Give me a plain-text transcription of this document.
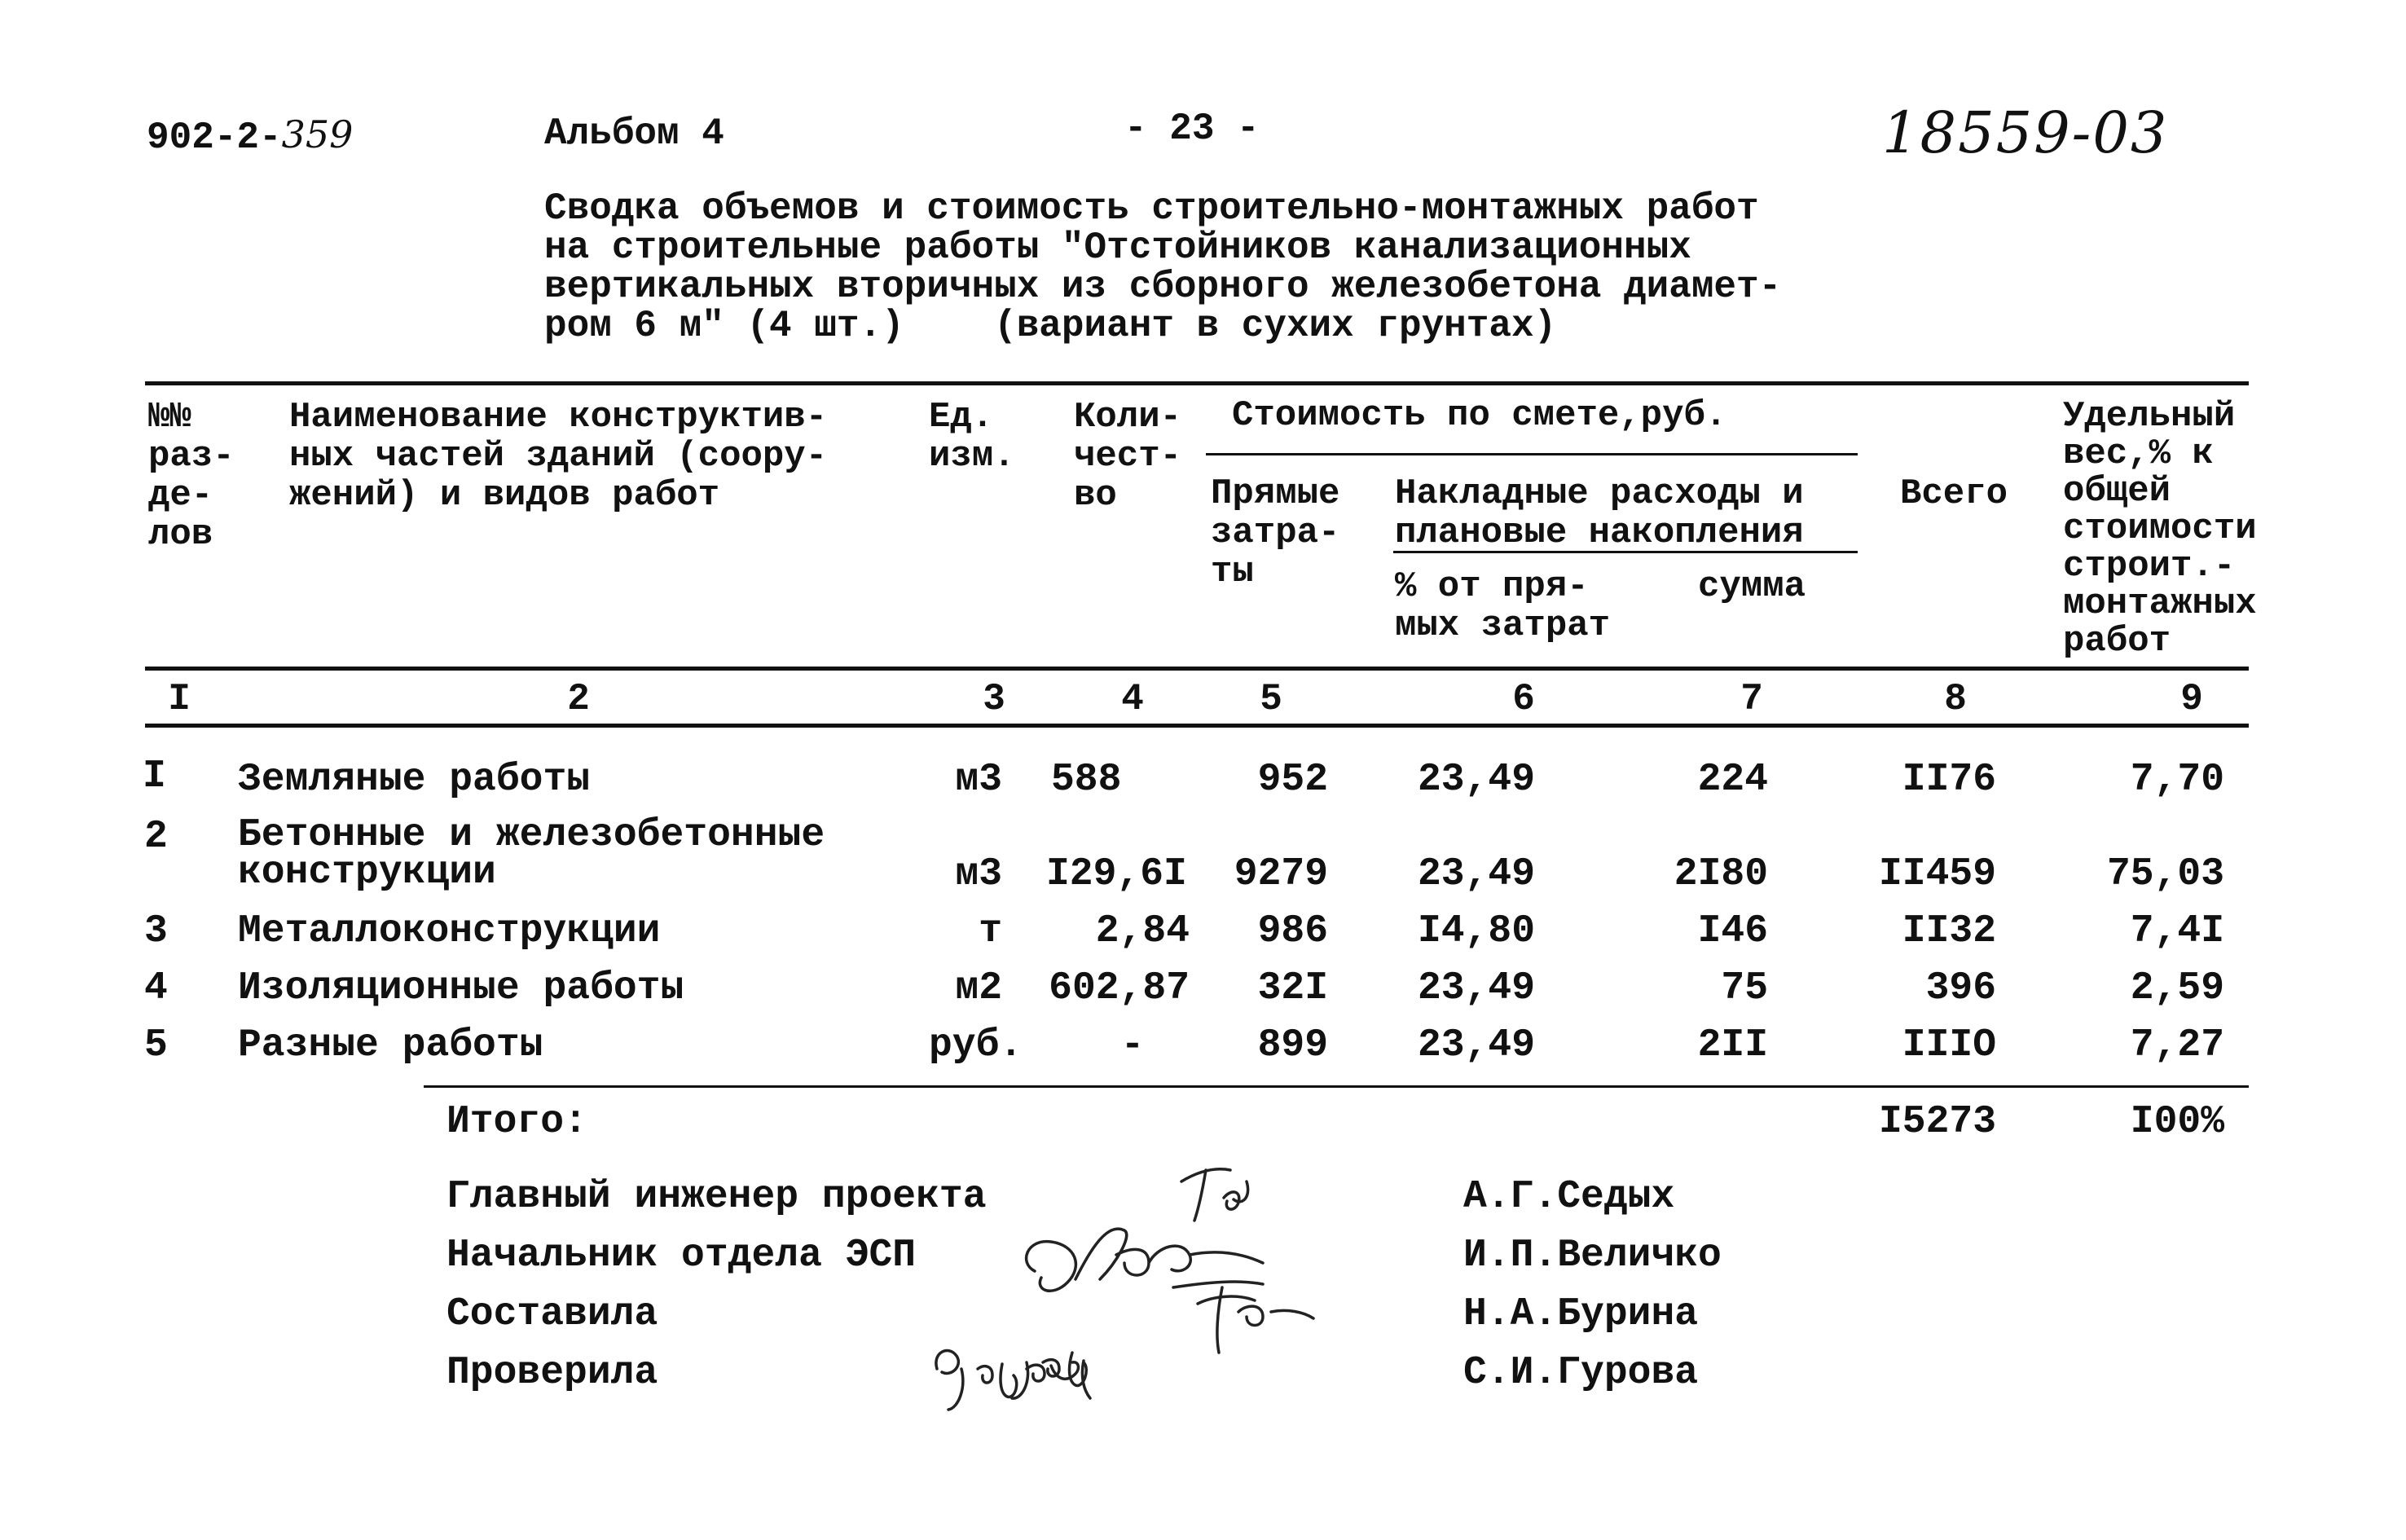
902-2-359	Альбом 4	- 23 -	18559-03
Сводка объемов и стоимость строительно-монтажных работ
на строительные работы "Отстойников канализационных
вертикальных вторичных из сборного железобетона диамет-
ром 6 м" (4 шт.)    (вариант в сухих грунтах)
№№
раз-
де-
лов
Наименование конструктив-
ных частей зданий (соору-
жений) и видов работ
Ед.
изм.
Коли-
чест-
во
Стоимость по смете,руб.
Прямые
затра-
ты
Накладные расходы и
плановые накопления
% от пря-
мых затрат
сумма
Всего
Удельный
вес,% к
общей
стоимости
строит.-
монтажных
работ
I	2	3	4	5	6	7	8	9
I Земляные работы	м3 588	952 23,49	224	II76	7,70
2 Бетонные и железобетонные
конструкции	м3 I29,6I	9279 23,49	2I80	II459	75,03
3 Металлоконструкции	т	2,84	986 I4,80	I46	II32	7,4I
4 Изоляционные работы	м2	602,87	32I 23,49	75	396	2,59
5 Разные работы	руб.	-	899 23,49	2II	IIIO	7,27
Итого:	I5273	I00%
Главный инженер проекта	А.Г.Седых
Начальник отдела ЭСП	И.П.Величко
Составила	Н.А.Бурина
Проверила	С.И.Гурова
